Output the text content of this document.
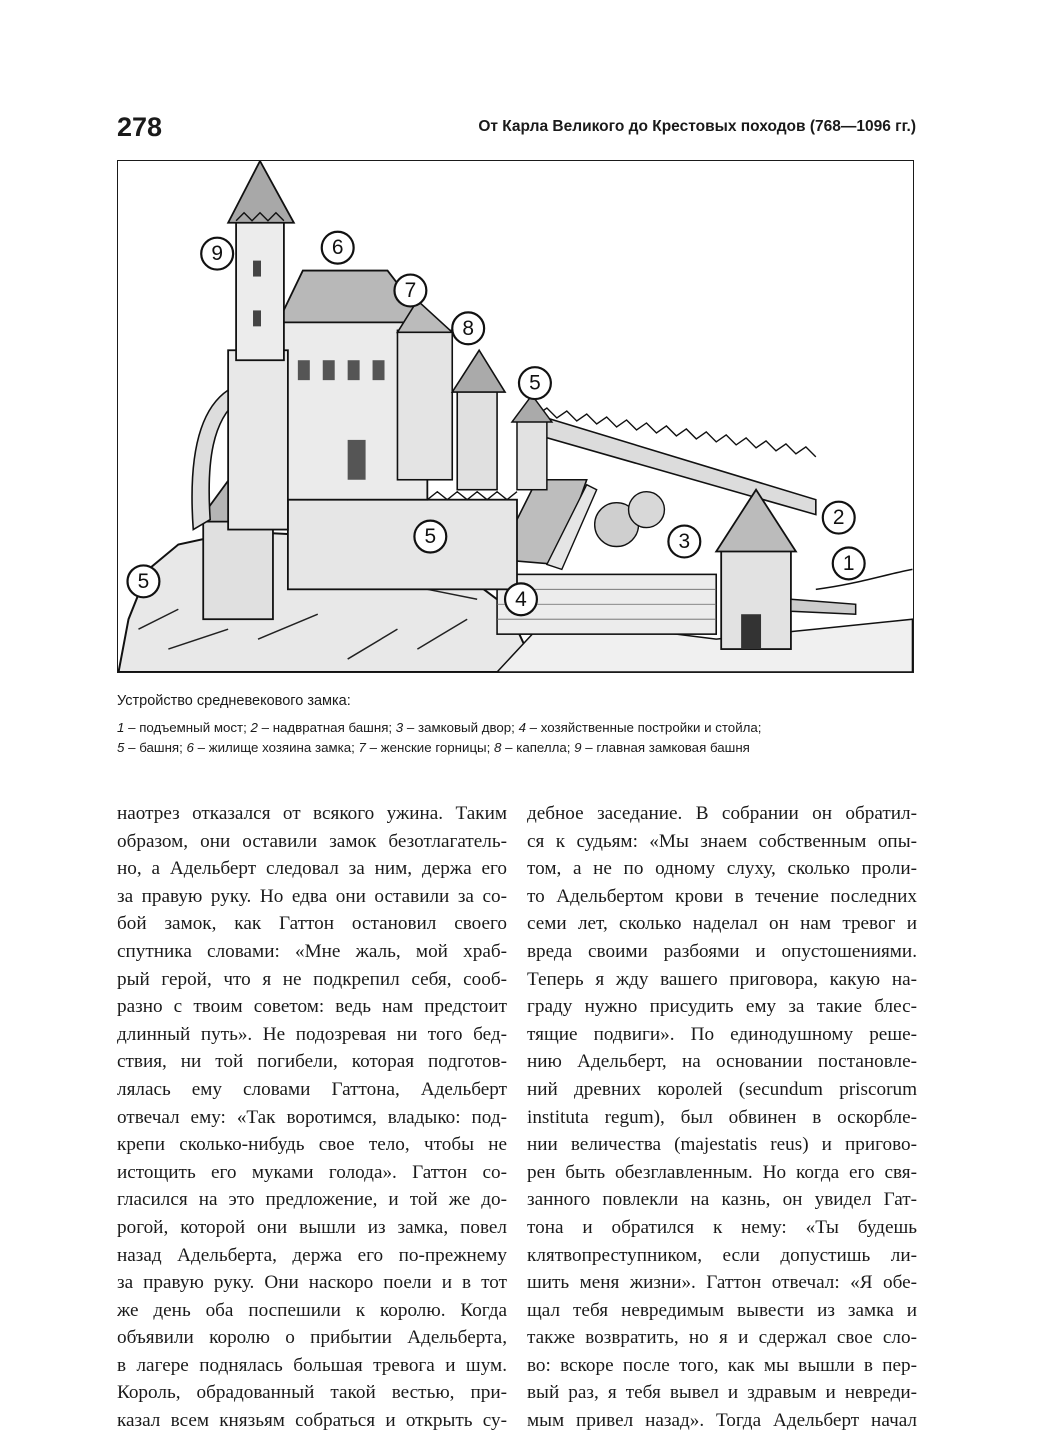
278	От Карла Великого до Крестовых походов (768—1096 гг.)
9	6
7
8
5
5
5
4
3
2
1
Устройство средневекового замка:
1 – подъемный мост; 2 – надвратная башня; 3 – замковый двор; 4 – хозяйственные постройки и стойла;
5 – башня; 6 – жилище хозяина замка; 7 – женские горницы; 8 – капелла; 9 – главная замковая башня
наотрез отказался от всякого ужина. Таким
образом, они оставили замок безотлагатель-
но, а Адельберт следовал за ним, держа его
за правую руку. Но едва они оставили за со-
бой замок, как Гаттон остановил своего
спутника словами: «Мне жаль, мой храб-
рый герой, что я не подкрепил себя, сооб-
разно с твоим советом: ведь нам предстоит
длинный путь». Не подозревая ни того бед-
ствия, ни той погибели, которая подготов-
лялась ему словами Гаттона, Адельберт
отвечал ему: «Так воротимся, владыко: под-
крепи сколько-нибудь свое тело, чтобы не
истощить его муками голода». Гаттон со-
гласился на это предложение, и той же до-
рогой, которой они вышли из замка, повел
назад Адельберта, держа его по-прежнему
за правую руку. Они наскоро поели и в тот
же день оба поспешили к королю. Когда
объявили королю о прибытии Адельберта,
в лагере поднялась большая тревога и шум.
Король, обрадованный такой вестью, при-
казал всем князьям собраться и открыть су-
дебное заседание. В собрании он обратил-
ся к судьям: «Мы знаем собственным опы-
том, а не по одному слуху, сколько проли-
то Адельбертом крови в течение последних
семи лет, сколько наделал он нам тревог и
вреда своими разбоями и опустошениями.
Теперь я жду вашего приговора, какую на-
граду нужно присудить ему за такие блес-
тящие подвиги». По единодушному реше-
нию Адельберт, на основании постановле-
ний древних королей (secundum priscorum
instituta regum), был обвинен в оскорбле-
нии величества (majestatis reus) и пригово-
рен быть обезглавленным. Но когда его свя-
занного повлекли на казнь, он увидел Гат-
тона и обратился к нему: «Ты будешь
клятвопреступником, если допустишь ли-
шить меня жизни». Гаттон отвечал: «Я обе-
щал тебя невредимым вывести из замка и
также возвратить, но я и сдержал свое сло-
во: вскоре после того, как мы вышли в пер-
вый раз, я тебя вывел и здравым и невреди-
мым привел назад». Тогда Адельберт начал
